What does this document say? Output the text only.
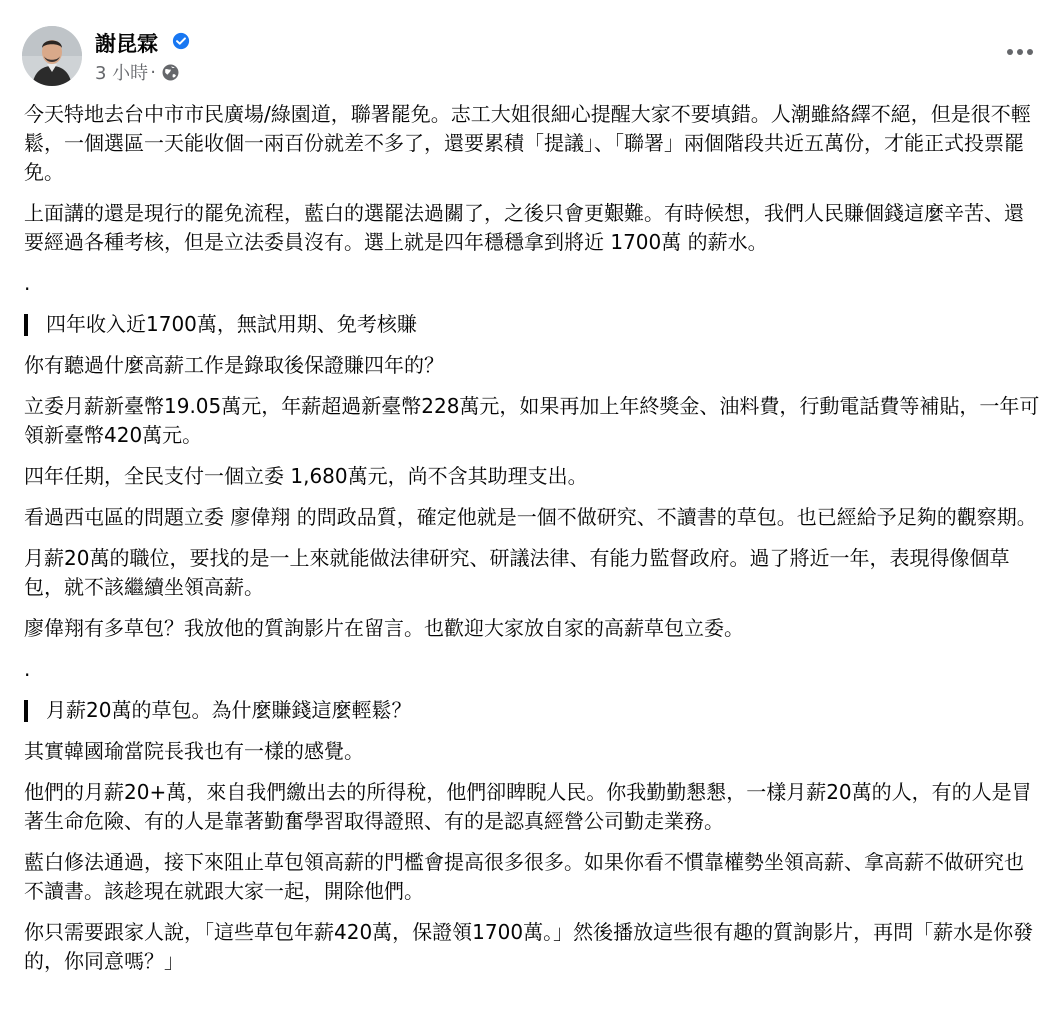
謝昆霖
3 小時 ·

今天特地去台中市市民廣場/綠園道，聯署罷免。志工大姐很細心提醒大家不要填錯。人潮雖絡繹不絕，但是很不輕鬆，一個選區一天能收個一兩百份就差不多了，還要累積「提議」、「聯署」兩個階段共近五萬份，才能正式投票罷免。

上面講的還是現行的罷免流程，藍白的選罷法過關了，之後只會更艱難。￼有時候想，我們人民賺個錢這麼辛苦、還要經過各種考核，但是立法委員沒有。選上就是四年穩穩拿到將近 1700萬 的薪水。

.

四年收入近1700萬，無試用期、免考核賺

你有聽過什麼高薪工作是錄取後保證賺四年的？

立委月薪新臺幣19.05萬元，年薪超過新臺幣228萬元，如果再加上年終獎金、油料費，行動電話費等補貼，一年可領新臺幣420萬元。

四年任期，全民支付一個立委 1,680萬元，尚不含其助理支出。

看過西屯區的問題立委 廖偉翔 的問政品質，確定他就是一個不做研究、不讀書的草包。也已經給予足夠的觀察期。

月薪20萬的職位，要找的是一上來就能做法律研究、研議法律、有能力監督政府。過了將近一年，表現得像個草包，就不該繼續坐領高薪。

廖偉翔有多草包？我放他的質詢影片在留言。也歡迎大家放自家的高薪草包立委。

.

月薪20萬的草包。為什麼賺錢這麼輕鬆？

其實韓國瑜當院長我也有一樣的感覺。

他們的月薪20+萬，來自我們繳出去的所得稅，他們卻睥睨人民。你我勤勤懇懇，一樣月薪20萬的人，有的人是冒著生命危險、有的人是靠著勤奮￼學習￼取得證照、有的是認真經營公司￼勤走業務。

藍白修法通過，接下來阻止草包領高薪的門檻會提高很多很多。如果你看不慣靠權勢坐領高薪、拿高薪不做研究也不讀書。該趁現在就跟大家一起，開除他們。

你只需要跟家人說，「這些草包年薪420萬，保證領1700萬。」然後播放這些很有趣的質詢影片，再問「薪水是你發的，你同意嗎？」
